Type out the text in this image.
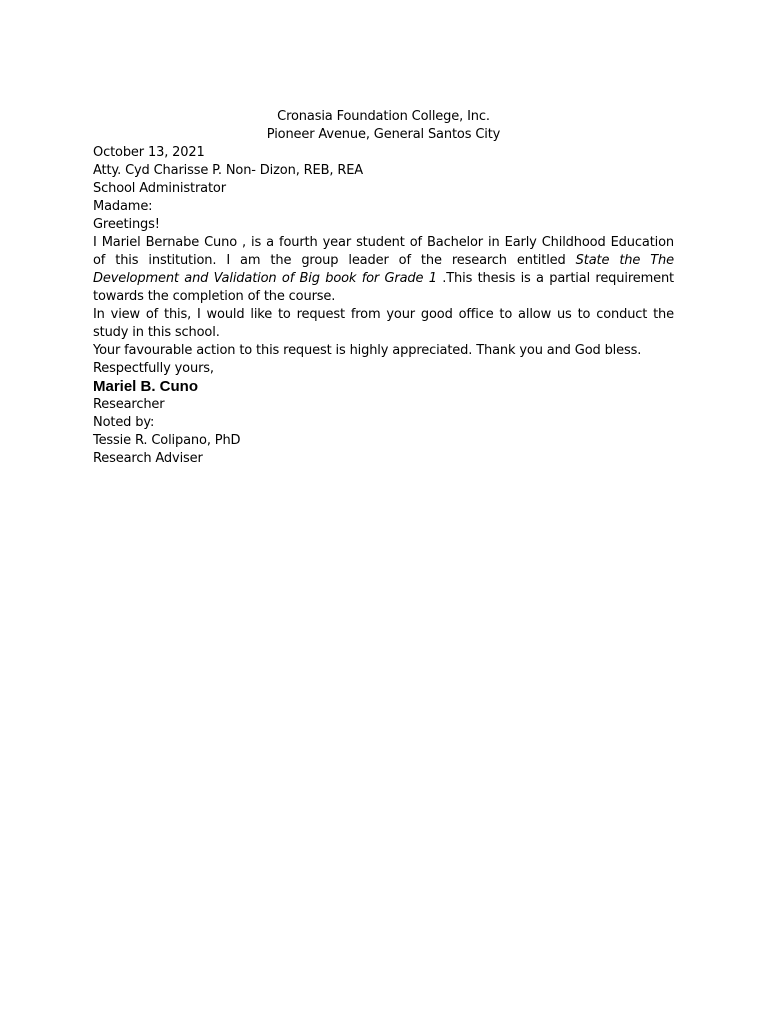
Cronasia Foundation College, Inc.
Pioneer Avenue, General Santos City
October 13, 2021
Atty. Cyd Charisse P. Non- Dizon, REB, REA
School Administrator
Madame:
Greetings!
I Mariel Bernabe Cuno , is a fourth year student of Bachelor in Early Childhood Education of this institution. I am the group leader of the research entitled State the The Development and Validation of Big book for Grade 1 .This thesis is a partial requirement towards the completion of the course.
In view of this, I would like to request from your good office to allow us to conduct the study in this school.
Your favourable action to this request is highly appreciated. Thank you and God bless.
Respectfully yours,
Mariel B. Cuno
Researcher
Noted by:
Tessie R. Colipano, PhD
Research Adviser
